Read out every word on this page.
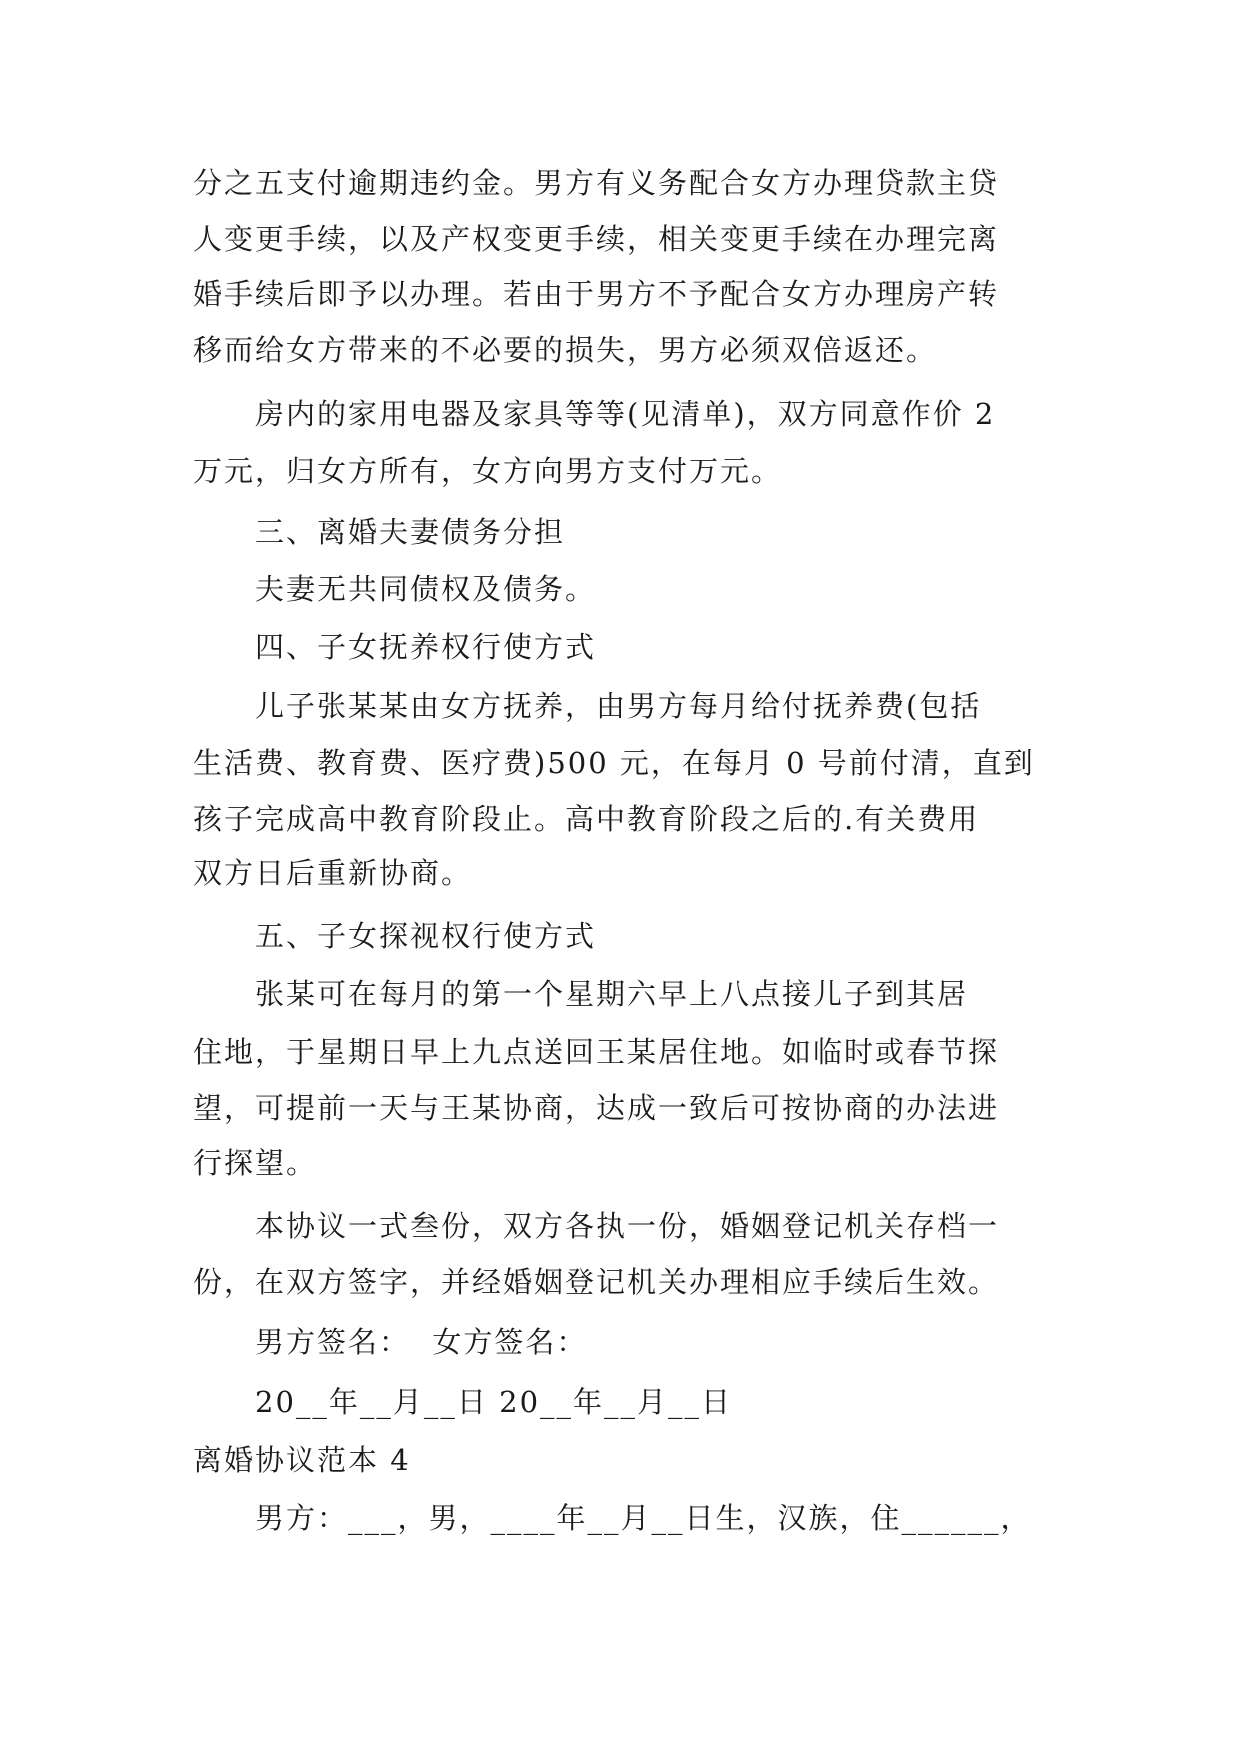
分之五支付逾期违约金。男方有义务配合女方办理贷款主贷
人变更手续，以及产权变更手续，相关变更手续在办理完离
婚手续后即予以办理。若由于男方不予配合女方办理房产转
移而给女方带来的不必要的损失，男方必须双倍返还。
房内的家用电器及家具等等(见清单)，双方同意作价 2
万元，归女方所有，女方向男方支付万元。
三、离婚夫妻债务分担
夫妻无共同债权及债务。
四、子女抚养权行使方式
儿子张某某由女方抚养，由男方每月给付抚养费(包括
生活费、教育费、医疗费)500 元，在每月 0 号前付清，直到
孩子完成高中教育阶段止。高中教育阶段之后的.有关费用
双方日后重新协商。
五、子女探视权行使方式
张某可在每月的第一个星期六早上八点接儿子到其居
住地，于星期日早上九点送回王某居住地。如临时或春节探
望，可提前一天与王某协商，达成一致后可按协商的办法进
行探望。
本协议一式叁份，双方各执一份，婚姻登记机关存档一
份，在双方签字，并经婚姻登记机关办理相应手续后生效。
男方签名：  女方签名：
20__年__月__日 20__年__月__日
离婚协议范本 4
男方：___，男，____年__月__日生，汉族，住______，
